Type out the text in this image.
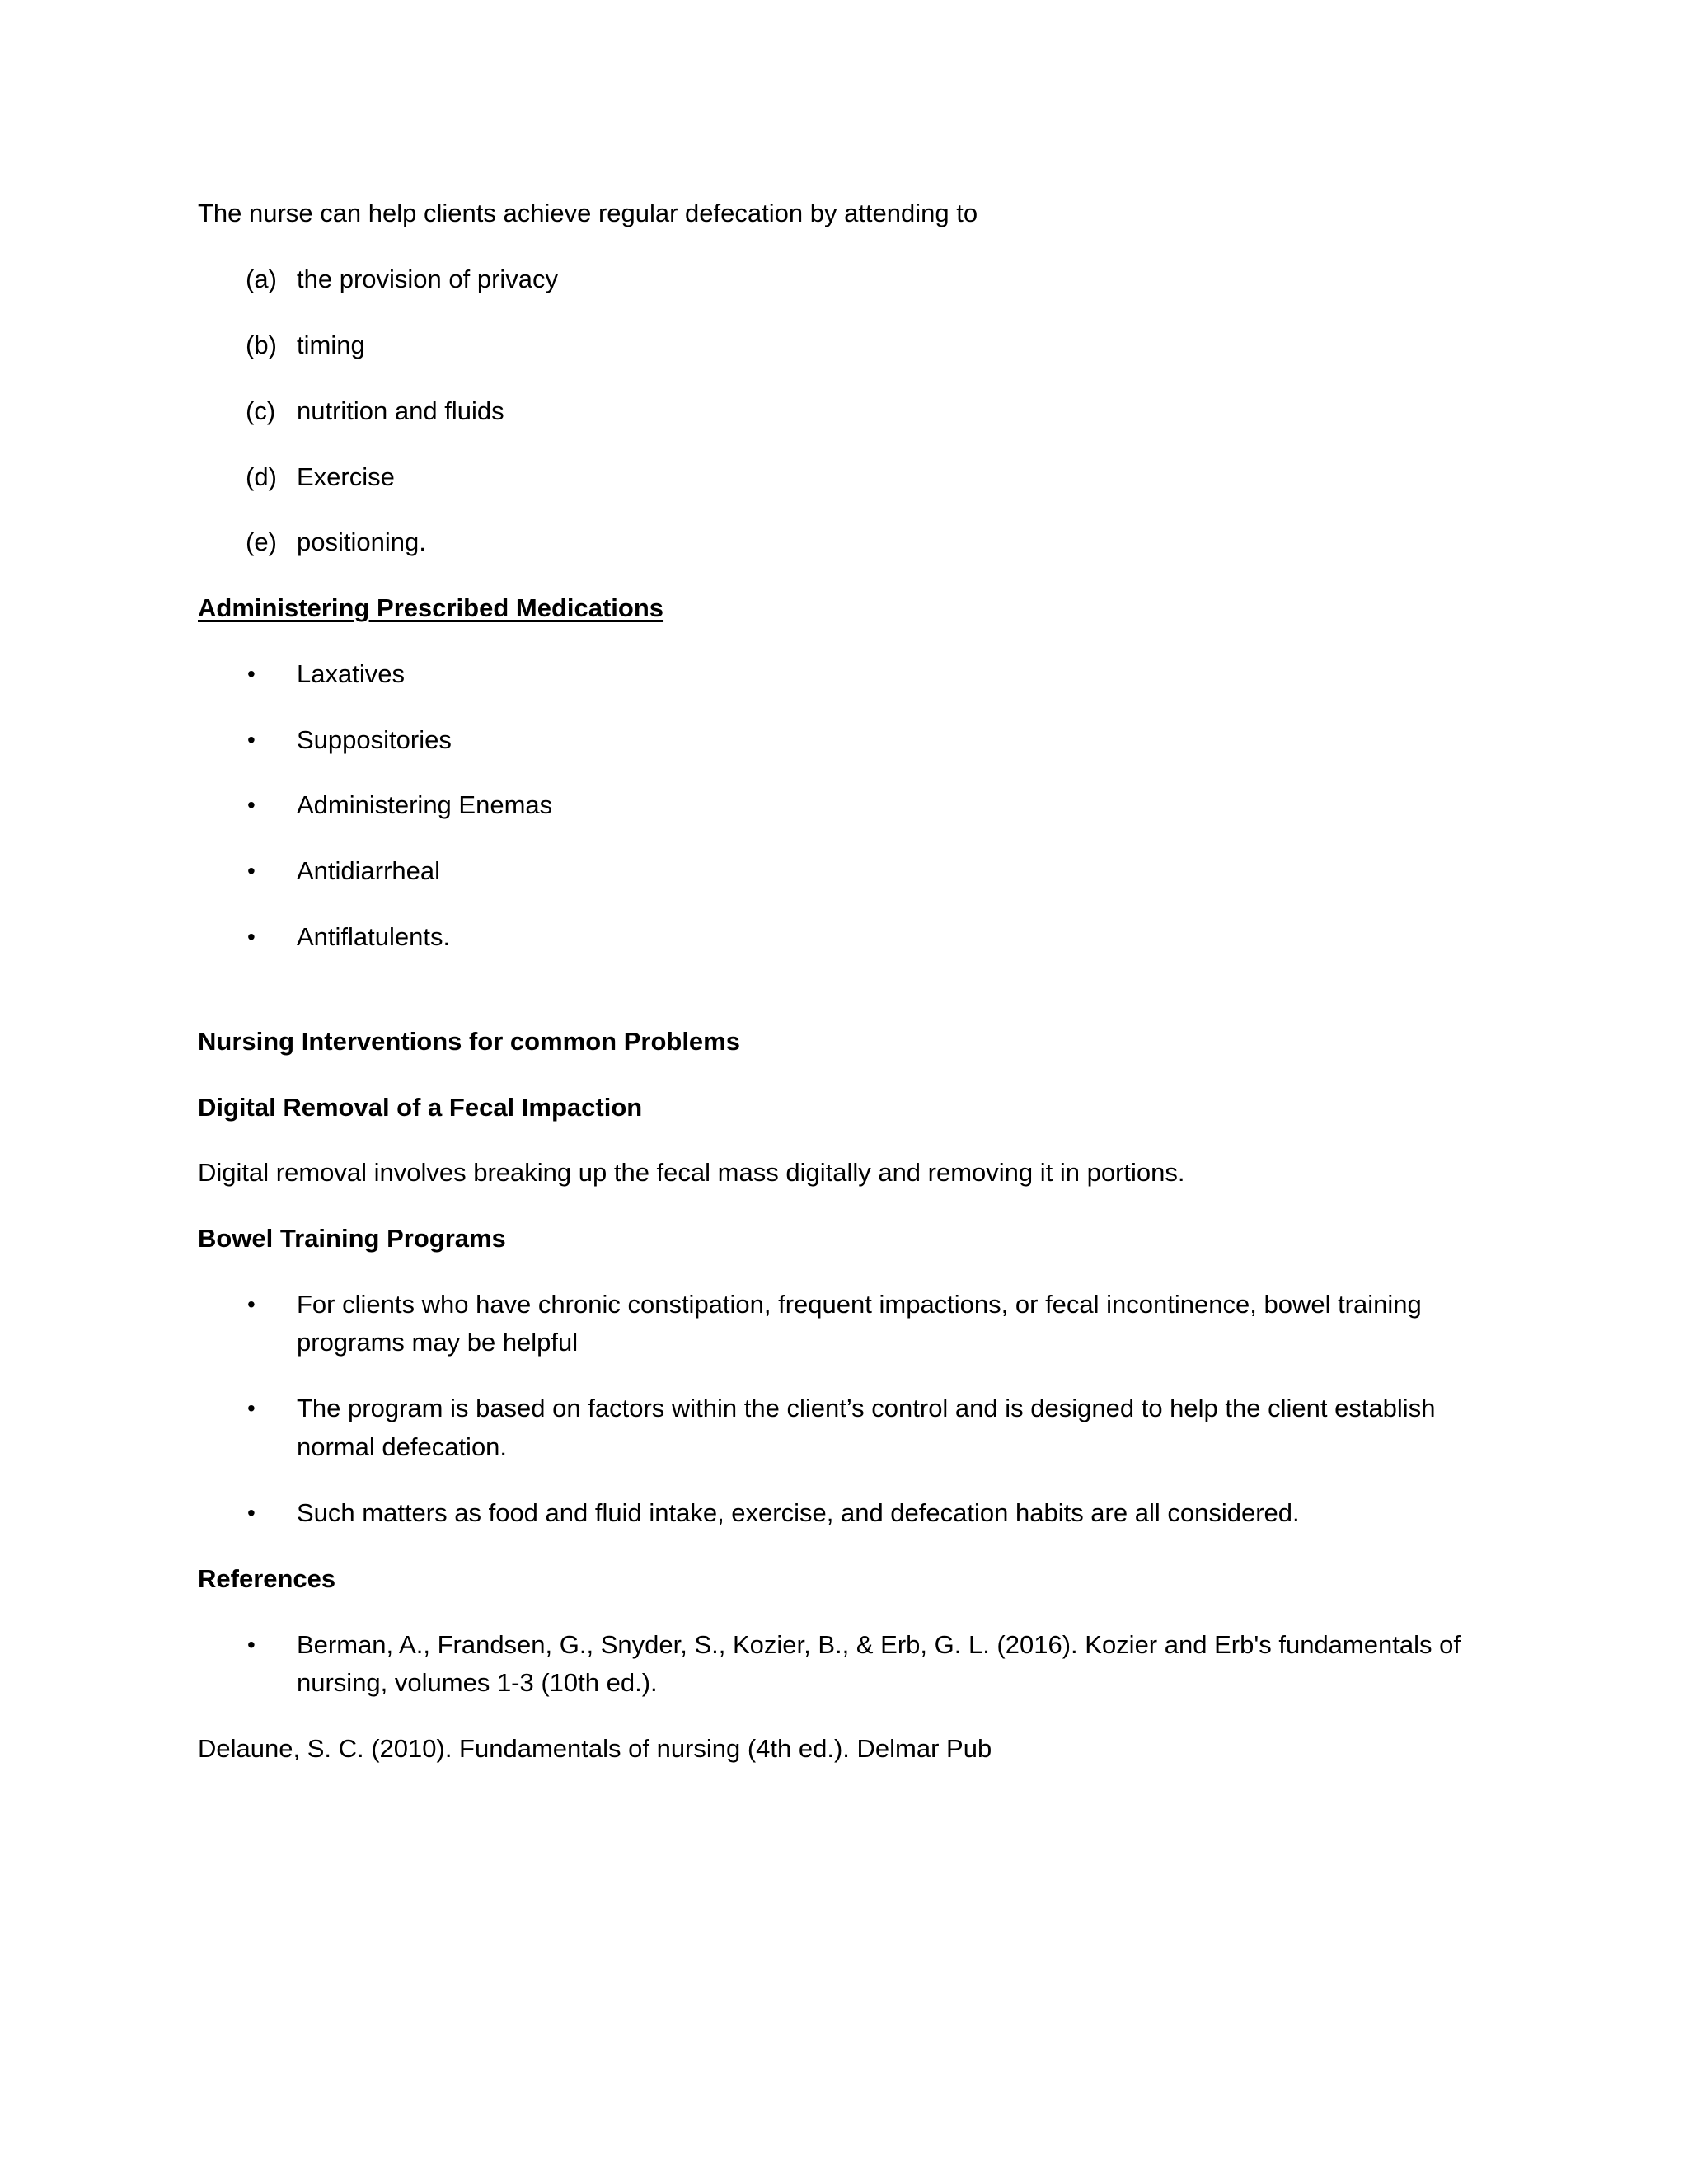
The nurse can help clients achieve regular defecation by attending to
(a) the provision of privacy
(b) timing
(c) nutrition and fluids
(d) Exercise
(e) positioning.
Administering Prescribed Medications
• Laxatives
• Suppositories
• Administering Enemas
• Antidiarrheal
• Antiflatulents.
Nursing Interventions for common Problems
Digital Removal of a Fecal Impaction
Digital removal involves breaking up the fecal mass digitally and removing it in portions.
Bowel Training Programs
• For clients who have chronic constipation, frequent impactions, or fecal incontinence, bowel training
programs may be helpful
• The program is based on factors within the client’s control and is designed to help the client establish
normal defecation.
• Such matters as food and fluid intake, exercise, and defecation habits are all considered.
References
• Berman, A., Frandsen, G., Snyder, S., Kozier, B., & Erb, G. L. (2016). Kozier and Erb's fundamentals of
nursing, volumes 1-3 (10th ed.).
Delaune, S. C. (2010). Fundamentals of nursing (4th ed.). Delmar Pub
